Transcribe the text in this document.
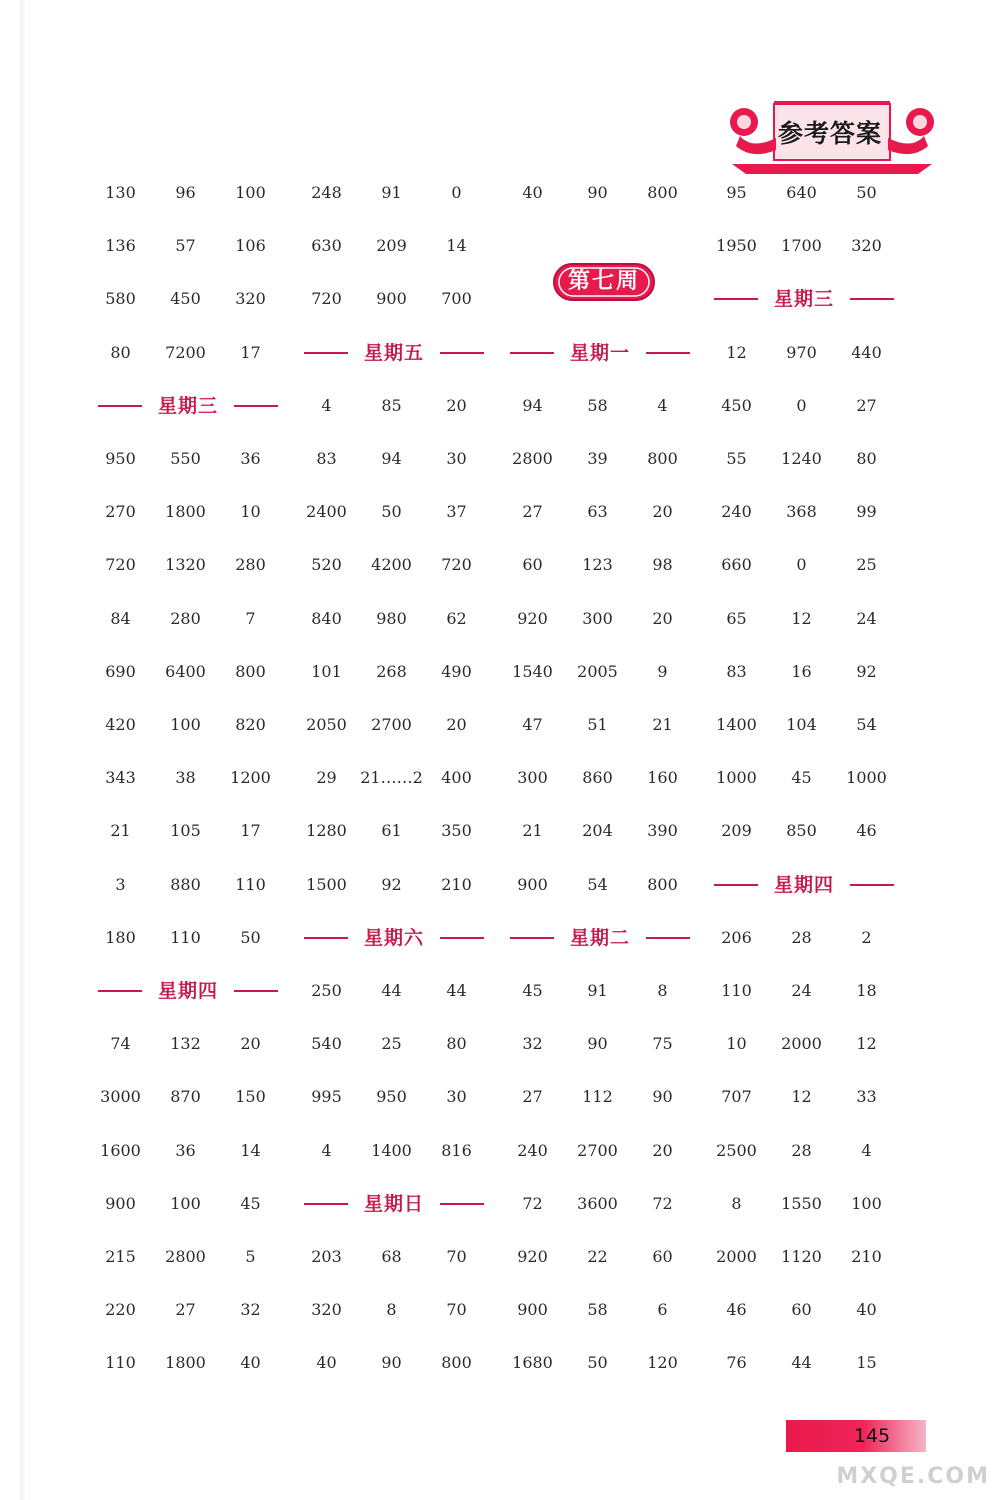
参考答案
第七周
130	96	100
136	57	106
580	450	320
80	7200	17
星期三
950	550	36
270	1800	10
720	1320	280
84	280	7
690	6400	800
420	100	820
343	38	1200
21	105	17
3	880	110
180	110	50
星期四
74	132	20
3000	870	150
1600	36	14
900	100	45
215	2800	5
220	27	32
110	1800	40
248	91	0
630	209	14
720	900	700
星期五
4	85	20
83	94	30
2400	50	37
520	4200	720
840	980	62
101	268	490
2050	2700	20
29	21……2	400
1280	61	350
1500	92	210
星期六
250	44	44
540	25	80
995	950	30
4	1400	816
星期日
203	68	70
320	8	70
40	90	800
40	90	800
星期一
94	58	4
2800	39	800
27	63	20
60	123	98
920	300	20
1540	2005	9
47	51	21
300	860	160
21	204	390
900	54	800
星期二
45	91	8
32	90	75
27	112	90
240	2700	20
72	3600	72
920	22	60
900	58	6
1680	50	120
95	640	50
1950	1700	320
星期三
12	970	440
450	0	27
55	1240	80
240	368	99
660	0	25
65	12	24
83	16	92
1400	104	54
1000	45	1000
209	850	46
星期四
206	28	2
110	24	18
10	2000	12
707	12	33
2500	28	4
8	1550	100
2000	1120	210
46	60	40
76	44	15
145
MXQE.COM
